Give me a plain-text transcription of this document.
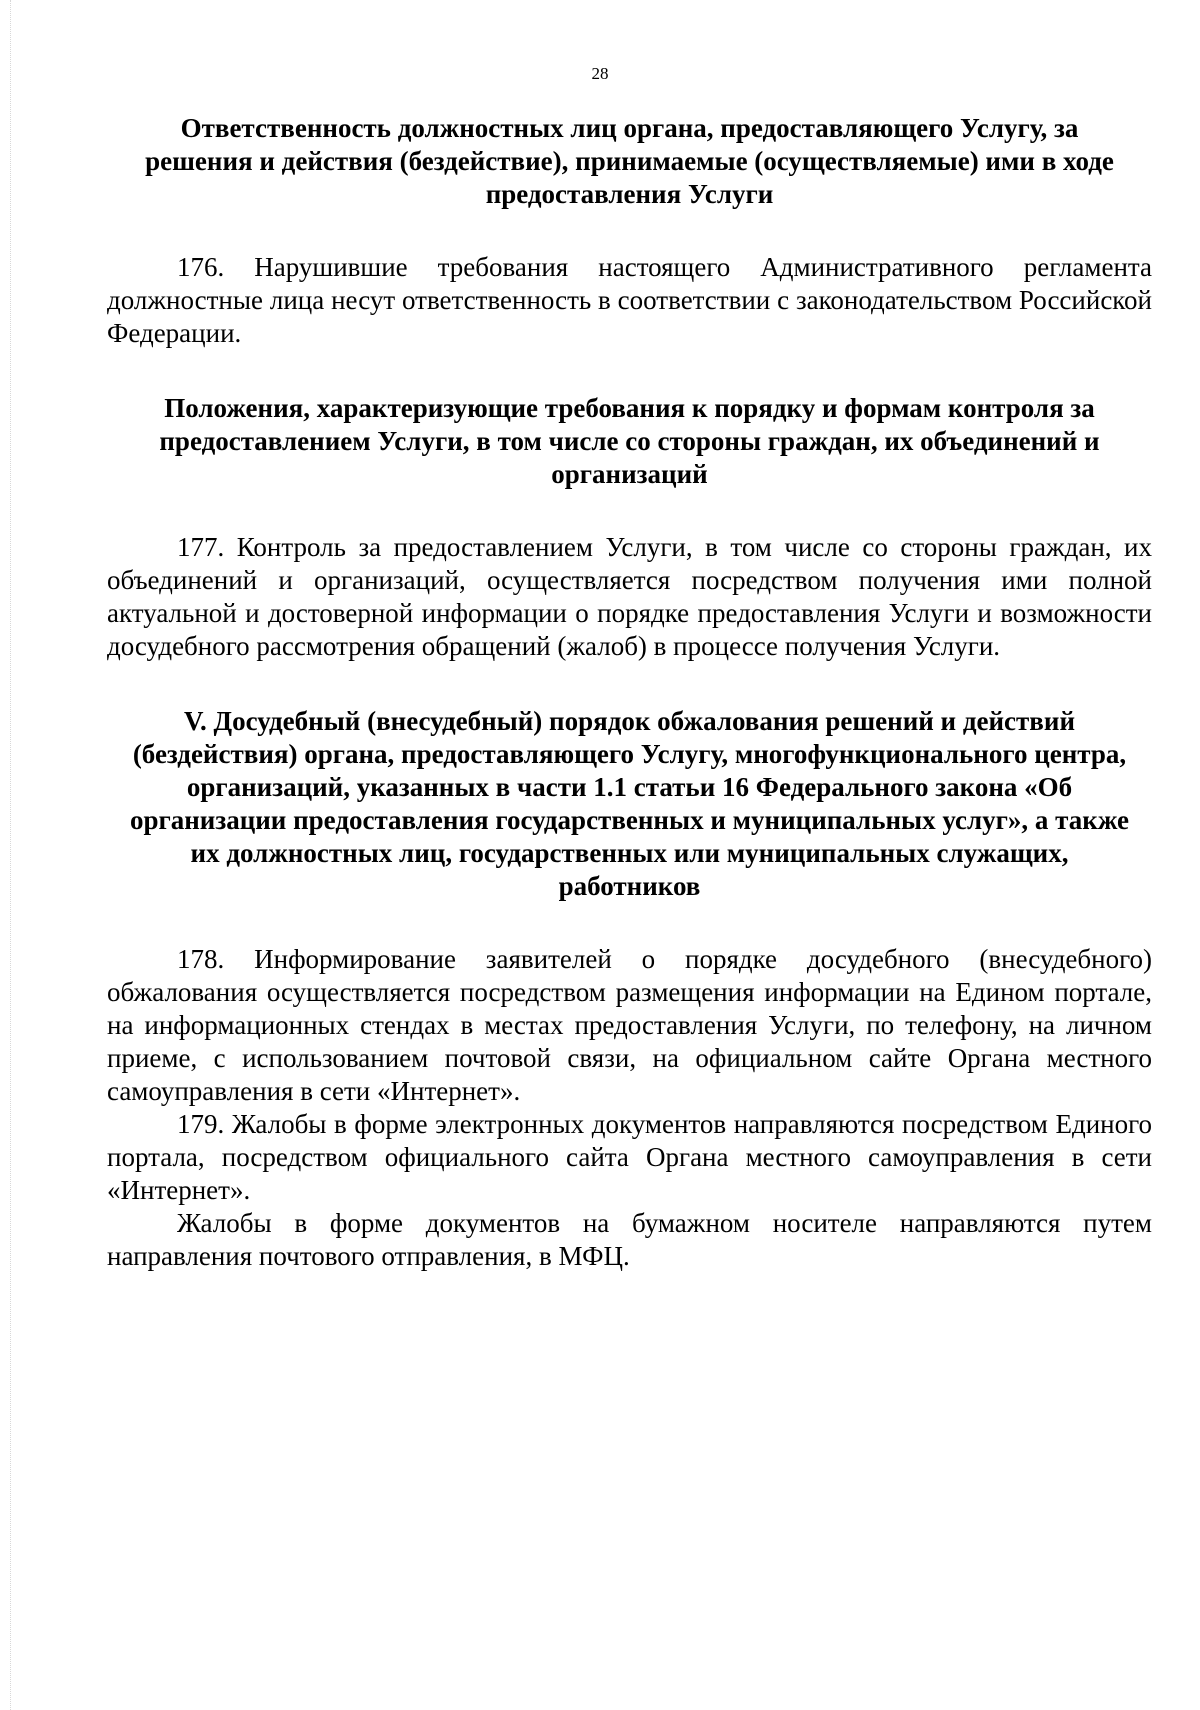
28
Ответственность должностных лиц органа, предоставляющего Услугу, за решения и действия (бездействие), принимаемые (осуществляемые) ими в ходе предоставления Услуги

176. Нарушившие требования настоящего Административного регламента должностные лица несут ответственность в соответствии с законодательством Российской Федерации.

Положения, характеризующие требования к порядку и формам контроля за предоставлением Услуги, в том числе со стороны граждан, их объединений и организаций

177. Контроль за предоставлением Услуги, в том числе со стороны граждан, их объединений и организаций, осуществляется посредством получения ими полной актуальной и достоверной информации о порядке предоставления Услуги и возможности досудебного рассмотрения обращений (жалоб) в процессе получения Услуги.

V. Досудебный (внесудебный) порядок обжалования решений и действий (бездействия) органа, предоставляющего Услугу, многофункционального центра, организаций, указанных в части 1.1 статьи 16 Федерального закона «Об организации предоставления государственных и муниципальных услуг», а также их должностных лиц, государственных или муниципальных служащих, работников

178. Информирование заявителей о порядке досудебного (внесудебного) обжалования осуществляется посредством размещения информации на Едином портале, на информационных стендах в местах предоставления Услуги, по телефону, на личном приеме, с использованием почтовой связи, на официальном сайте Органа местного самоуправления в сети «Интернет».

179. Жалобы в форме электронных документов направляются посредством Единого портала, посредством официального сайта Органа местного самоуправления в сети «Интернет».

Жалобы в форме документов на бумажном носителе направляются путем направления почтового отправления, в МФЦ.
